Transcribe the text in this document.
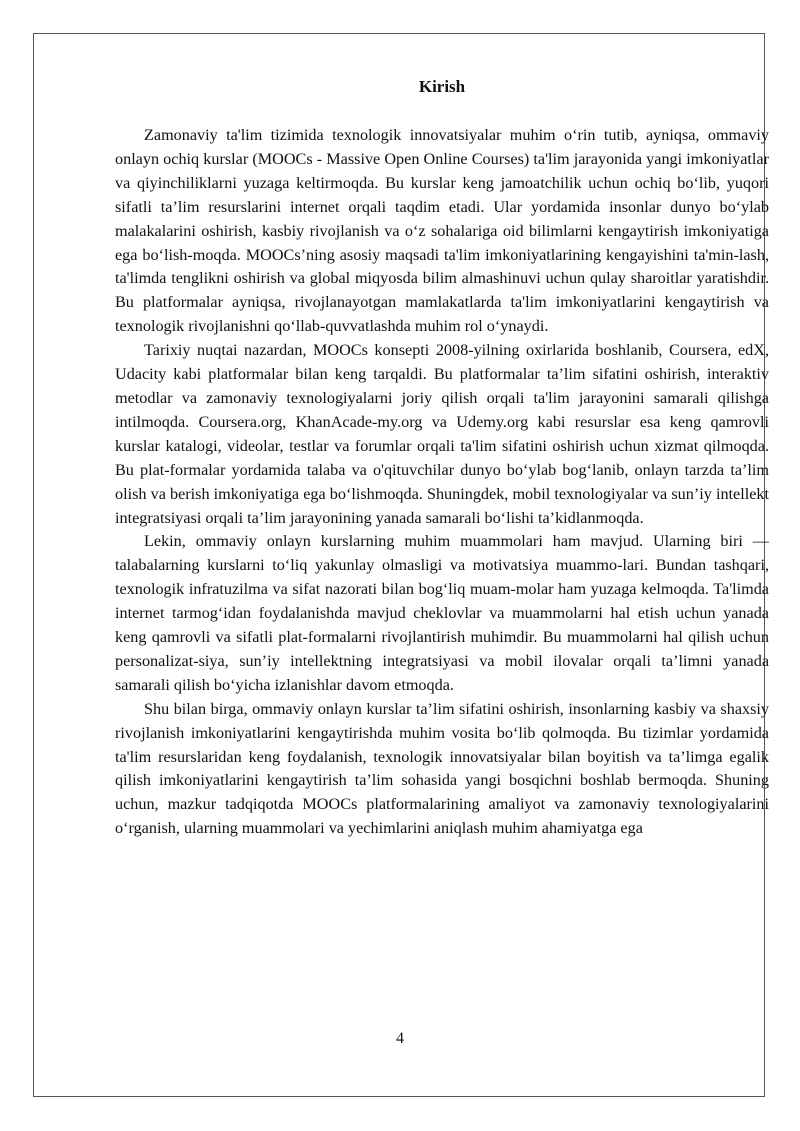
Kirish

Zamonaviy ta'lim tizimida texnologik innovatsiyalar muhim o‘rin tutib, ayniqsa, ommaviy onlayn ochiq kurslar (MOOCs - Massive Open Online Courses) ta'lim jarayonida yangi imkoniyatlar va qiyinchiliklarni yuzaga keltirmoqda. Bu kurslar keng jamoatchilik uchun ochiq bo‘lib, yuqori sifatli ta’lim resurslarini internet orqali taqdim etadi. Ular yordamida insonlar dunyo bo‘ylab malakalarini oshirish, kasbiy rivojlanish va o‘z sohalariga oid bilimlarni kengaytirish imkoniyatiga ega bo‘lish-moqda. MOOCs’ning asosiy maqsadi ta'lim imkoniyatlarining kengayishini ta'min-lash, ta'limda tenglikni oshirish va global miqyosda bilim almashinuvi uchun qulay sharoitlar yaratishdir. Bu platformalar ayniqsa, rivojlanayotgan mamlakatlarda ta'lim imkoniyatlarini kengaytirish va texnologik rivojlanishni qo‘llab-quvvatlashda muhim rol o‘ynaydi.

Tarixiy nuqtai nazardan, MOOCs konsepti 2008-yilning oxirlarida boshlanib, Coursera, edX, Udacity kabi platformalar bilan keng tarqaldi. Bu platformalar ta’lim sifatini oshirish, interaktiv metodlar va zamonaviy texnologiyalarni joriy qilish orqali ta'lim jarayonini samarali qilishga intilmoqda. Coursera.org, KhanAcade-my.org va Udemy.org kabi resurslar esa keng qamrovli kurslar katalogi, videolar, testlar va forumlar orqali ta'lim sifatini oshirish uchun xizmat qilmoqda. Bu plat-formalar yordamida talaba va o'qituvchilar dunyo bo‘ylab bog‘lanib, onlayn tarzda ta’lim olish va berish imkoniyatiga ega bo‘lishmoqda. Shuningdek, mobil texnologiyalar va sun’iy intellekt integratsiyasi orqali ta’lim jarayonining yanada samarali bo‘lishi ta’kidlanmoqda.

Lekin, ommaviy onlayn kurslarning muhim muammolari ham mavjud. Ularning biri — talabalarning kurslarni to‘liq yakunlay olmasligi va motivatsiya muammo-lari. Bundan tashqari, texnologik infratuzilma va sifat nazorati bilan bog‘liq muam-molar ham yuzaga kelmoqda. Ta'limda internet tarmog‘idan foydalanishda mavjud cheklovlar va muammolarni hal etish uchun yanada keng qamrovli va sifatli plat-formalarni rivojlantirish muhimdir. Bu muammolarni hal qilish uchun personalizat-siya, sun’iy intellektning integratsiyasi va mobil ilovalar orqali ta’limni yanada samarali qilish bo‘yicha izlanishlar davom etmoqda.

Shu bilan birga, ommaviy onlayn kurslar ta’lim sifatini oshirish, insonlarning kasbiy va shaxsiy rivojlanish imkoniyatlarini kengaytirishda muhim vosita bo‘lib qolmoqda. Bu tizimlar yordamida ta'lim resurslaridan keng foydalanish, texnologik innovatsiyalar bilan boyitish va ta’limga egalik qilish imkoniyatlarini kengaytirish ta’lim sohasida yangi bosqichni boshlab bermoqda. Shuning uchun, mazkur tadqiqotda MOOCs platformalarining amaliyot va zamonaviy texnologiyalarini o‘rganish, ularning muammolari va yechimlarini aniqlash muhim ahamiyatga ega

4
